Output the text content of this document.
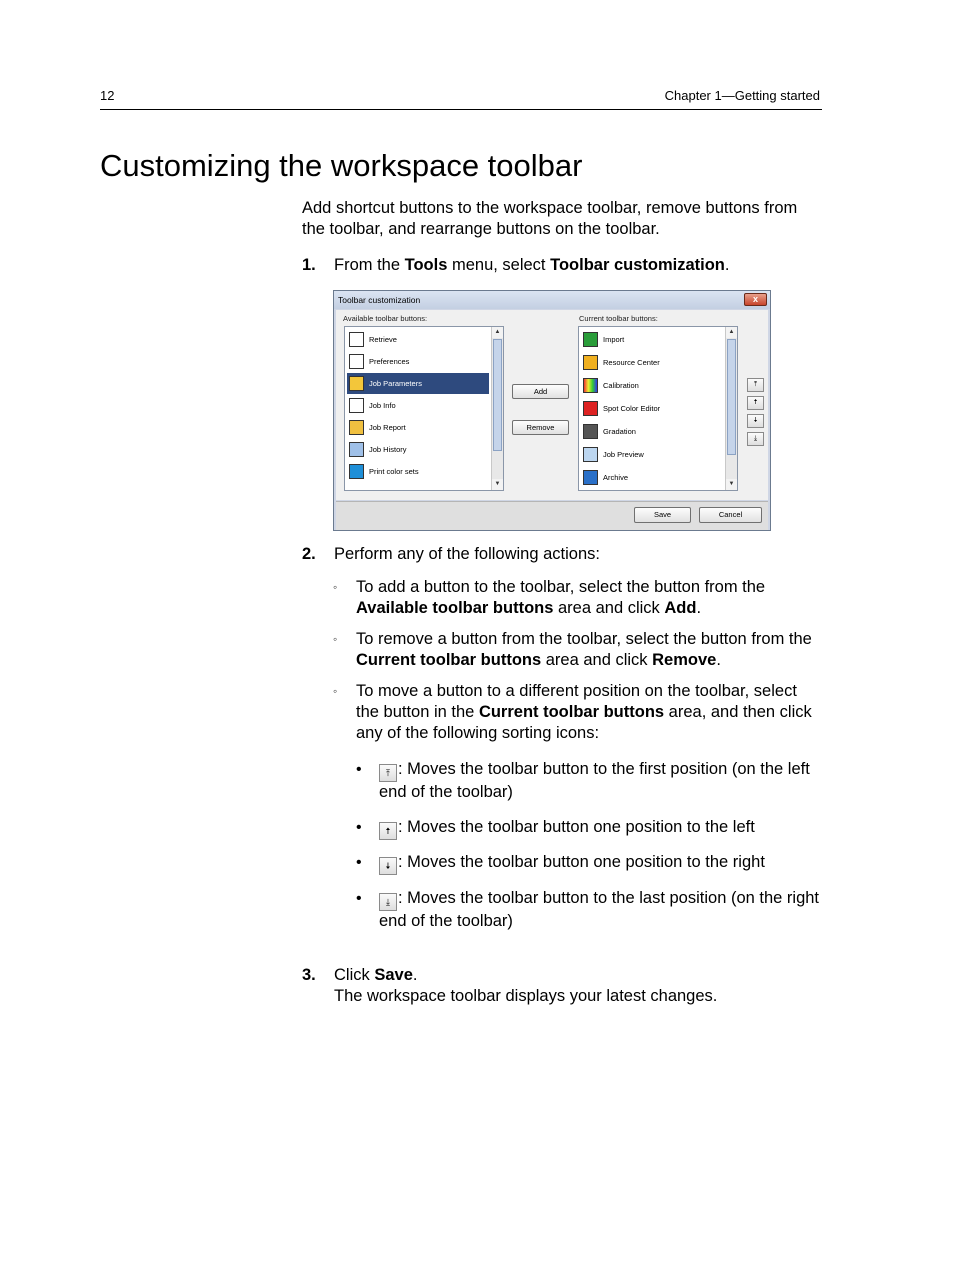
12	Chapter 1—Getting started
Customizing the workspace toolbar

Add shortcut buttons to the workspace toolbar, remove buttons from the toolbar, and rearrange buttons on the toolbar.

1. From the Tools menu, select Toolbar customization.
Toolbar customization	x
Available toolbar buttons:	Current toolbar buttons:
Retrieve
Preferences
Job Parameters
Job Info
Job Report
Job History
Print color sets
▲
▼
Add
Remove
Import
Resource Center
Calibration
Spot Color Editor
Gradation
Job Preview
Archive
▲
▼
⤒
🠅
🠇
⤓
Save	Cancel
2. Perform any of the following actions:
◦ To add a button to the toolbar, select the button from the Available toolbar buttons area and click Add.

◦ To remove a button from the toolbar, select the button from the Current toolbar buttons area and click Remove.

◦ To move a button to a different position on the toolbar, select the button in the Current toolbar buttons area, and then click any of the following sorting icons:

•	⤒ : Moves the toolbar button to the first position (on the left end of the toolbar)

•	🠅 : Moves the toolbar button one position to the left

•	🠇 : Moves the toolbar button one position to the right

•	⤓ : Moves the toolbar button to the last position (on the right end of the toolbar)

3. Click Save.
The workspace toolbar displays your latest changes.
